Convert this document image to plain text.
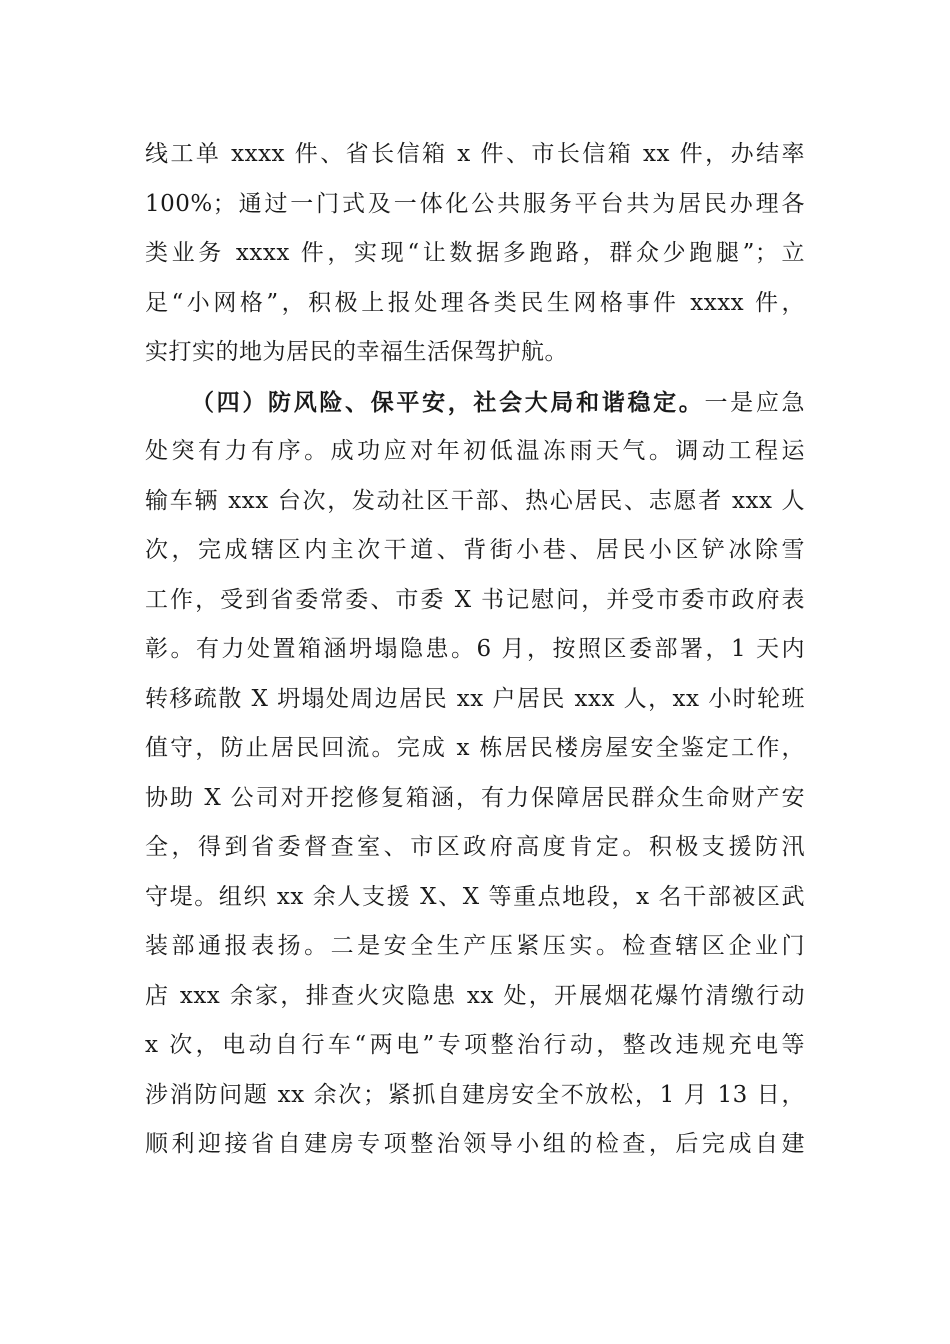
线工单 xxxx 件、省长信箱 x 件、市长信箱 xx 件，办结率
100%；通过一门式及一体化公共服务平台共为居民办理各
类业务 xxxx 件，实现“让数据多跑路，群众少跑腿”；立
足“小网格”，积极上报处理各类民生网格事件 xxxx 件，
实打实的地为居民的幸福生活保驾护航。
（四）防风险、保平安，社会大局和谐稳定。一是应急
处突有力有序。成功应对年初低温冻雨天气。调动工程运
输车辆 xxx 台次，发动社区干部、热心居民、志愿者 xxx 人
次，完成辖区内主次干道、背街小巷、居民小区铲冰除雪
工作，受到省委常委、市委 X 书记慰问，并受市委市政府表
彰。有力处置箱涵坍塌隐患。6 月，按照区委部署，1 天内
转移疏散 X 坍塌处周边居民 xx 户居民 xxx 人，xx 小时轮班
值守，防止居民回流。完成 x 栋居民楼房屋安全鉴定工作，
协助 X 公司对开挖修复箱涵，有力保障居民群众生命财产安
全，得到省委督查室、市区政府高度肯定。积极支援防汛
守堤。组织 xx 余人支援 X、X 等重点地段，x 名干部被区武
装部通报表扬。二是安全生产压紧压实。检查辖区企业门
店 xxx 余家，排查火灾隐患 xx 处，开展烟花爆竹清缴行动
x 次，电动自行车“两电”专项整治行动，整改违规充电等
涉消防问题 xx 余次；紧抓自建房安全不放松，1 月 13 日，
顺利迎接省自建房专项整治领导小组的检查，后完成自建
